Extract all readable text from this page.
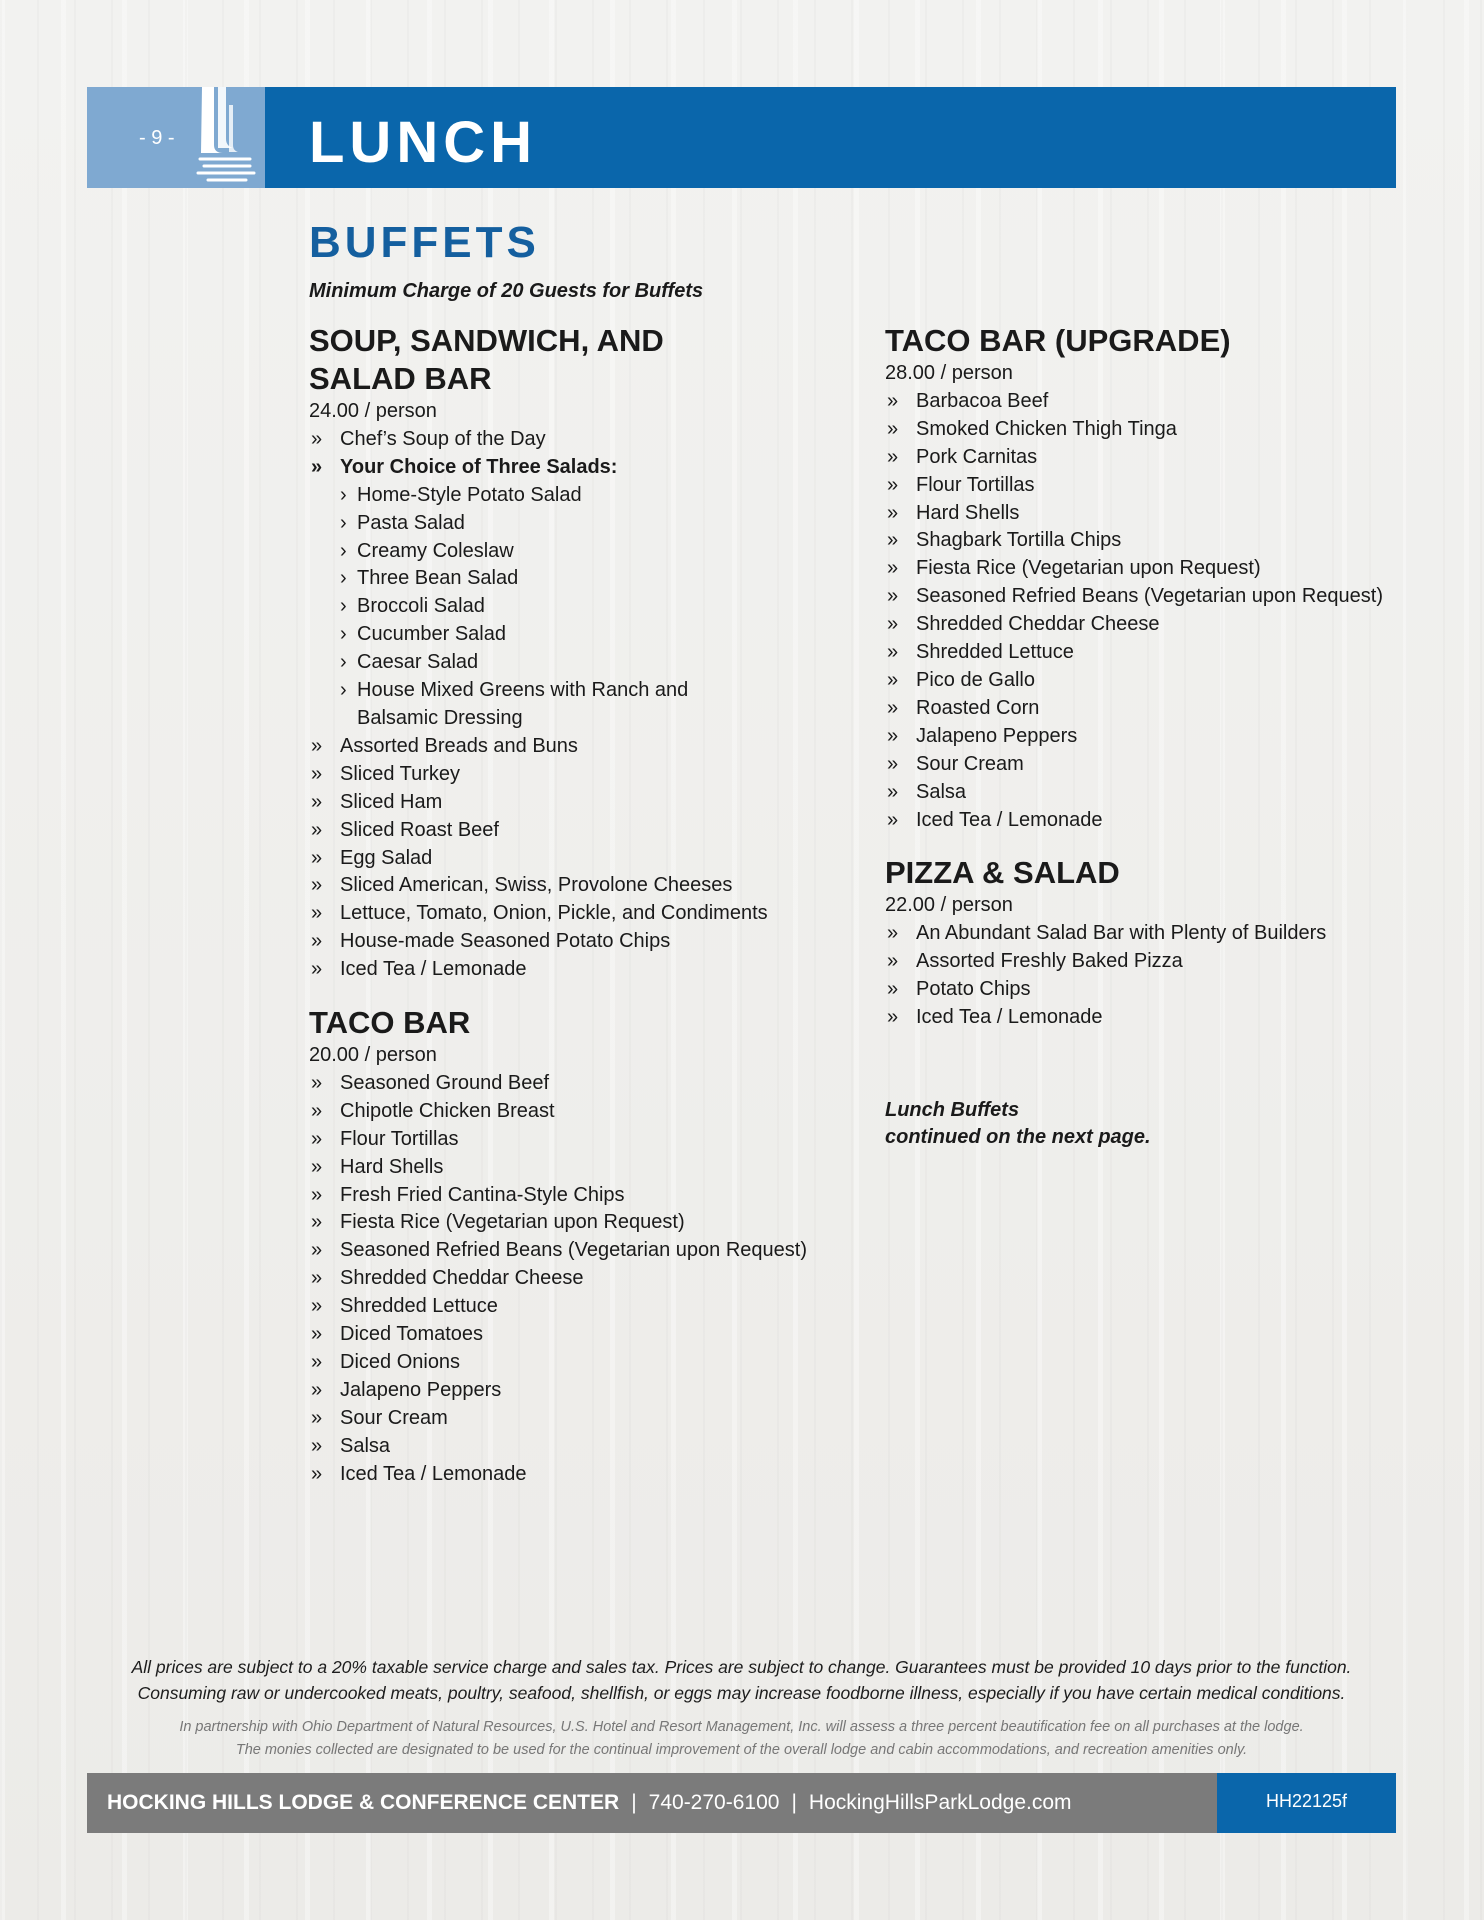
- 9 - LUNCH
BUFFETS
Minimum Charge of 20 Guests for Buffets
SOUP, SANDWICH, AND SALAD BAR
24.00 / person
» Chef’s Soup of the Day
» Your Choice of Three Salads:
› Home-Style Potato Salad
› Pasta Salad
› Creamy Coleslaw
› Three Bean Salad
› Broccoli Salad
› Cucumber Salad
› Caesar Salad
› House Mixed Greens with Ranch and Balsamic Dressing
» Assorted Breads and Buns
» Sliced Turkey
» Sliced Ham
» Sliced Roast Beef
» Egg Salad
» Sliced American, Swiss, Provolone Cheeses
» Lettuce, Tomato, Onion, Pickle, and Condiments
» House-made Seasoned Potato Chips
» Iced Tea / Lemonade
TACO BAR
20.00 / person
» Seasoned Ground Beef
» Chipotle Chicken Breast
» Flour Tortillas
» Hard Shells
» Fresh Fried Cantina-Style Chips
» Fiesta Rice (Vegetarian upon Request)
» Seasoned Refried Beans (Vegetarian upon Request)
» Shredded Cheddar Cheese
» Shredded Lettuce
» Diced Tomatoes
» Diced Onions
» Jalapeno Peppers
» Sour Cream
» Salsa
» Iced Tea / Lemonade
TACO BAR (UPGRADE)
28.00 / person
» Barbacoa Beef
» Smoked Chicken Thigh Tinga
» Pork Carnitas
» Flour Tortillas
» Hard Shells
» Shagbark Tortilla Chips
» Fiesta Rice (Vegetarian upon Request)
» Seasoned Refried Beans (Vegetarian upon Request)
» Shredded Cheddar Cheese
» Shredded Lettuce
» Pico de Gallo
» Roasted Corn
» Jalapeno Peppers
» Sour Cream
» Salsa
» Iced Tea / Lemonade
PIZZA & SALAD
22.00 / person
» An Abundant Salad Bar with Plenty of Builders
» Assorted Freshly Baked Pizza
» Potato Chips
» Iced Tea / Lemonade
Lunch Buffets
continued on the next page.
All prices are subject to a 20% taxable service charge and sales tax. Prices are subject to change. Guarantees must be provided 10 days prior to the function.
Consuming raw or undercooked meats, poultry, seafood, shellfish, or eggs may increase foodborne illness, especially if you have certain medical conditions.
In partnership with Ohio Department of Natural Resources, U.S. Hotel and Resort Management, Inc. will assess a three percent beautification fee on all purchases at the lodge.
The monies collected are designated to be used for the continual improvement of the overall lodge and cabin accommodations, and recreation amenities only.
HOCKING HILLS LODGE & CONFERENCE CENTER | 740-270-6100 | HockingHillsParkLodge.com	HH22125f
